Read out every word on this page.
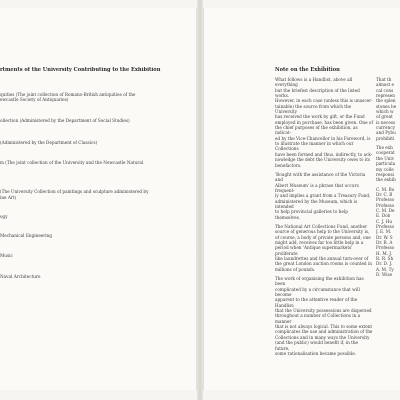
rtments of the University Contributing to the Exhibition
quities (The joint collection of Romano-British antiquities of the
ewcastle Society of Antiquaries)
ollection (Administered by the Department of Social Studies)
(Administered by the Department of Classics)
m (The joint collection of the University and the Newcastle Natural
(The University Collection of paintings and sculpture administered by
ine Art)
ogy
Mechanical Engineering
Music
Naval Architecture
Note on the Exhibition

What follows is a Handlist, above all everything
but the briefest description of the listed works.
However, in each case (unless this is unascer-
tainable) the source from which the University
has received the work by gift, or the Fund
employed in purchase, has been given. One of
the chief purposes of the exhibition, as indicat-
ed by the Vice-Chancellor in his Foreword, is
to illustrate the manner in which our Collections
have been formed and thus, indirectly, to ack-
nowledge the debt the University owes to its
benefactors.

'Bought with the assistance of the Victoria and
Albert Museum' is a phrase that occurs frequent-
ly and implies a grant from a Treasury Fund,
administered by the Museum, which is intended
to help provincial galleries to help themselves.

The National Art Collections Fund, another
source of generous help to the University is,
of course, a body of private persons and, one
might add, receives far too little help in a
period when 'Antique supermarkets' proliferate
like laundrettes and the annual turn-over of
the great London auction rooms is counted in
millions of pounds.

The work of organising the exhibition has been
complicated by a circumstance that will become
apparent to the attentive reader of the Handlist:
that the University possessions are dispersed
throughout a number of Collections in a manner
that is not always logical. This to some extent
complicates the use and administration of the
Collections and in many ways the University
(and the public) would benefit if, in the future,
some rationalisation became possible.

That th
almost e
cal cons
represen
the splen
stones be
which w
of great
is necess
currency
and Pybu
prohibiti

The exh
cooperat
the Univ
particula
my colle
responsi
the exhib

C. M. Bo
Dr. C. B
Professo
Professo
C. M. De
E. Dob
C. J. Hu
Professo
J. E. M.
Dr. W. S
Dr. R. A
Professo
H. M. J.
R. R. Sh
Dr. D. J.
A. M. Ty
D. Wise
